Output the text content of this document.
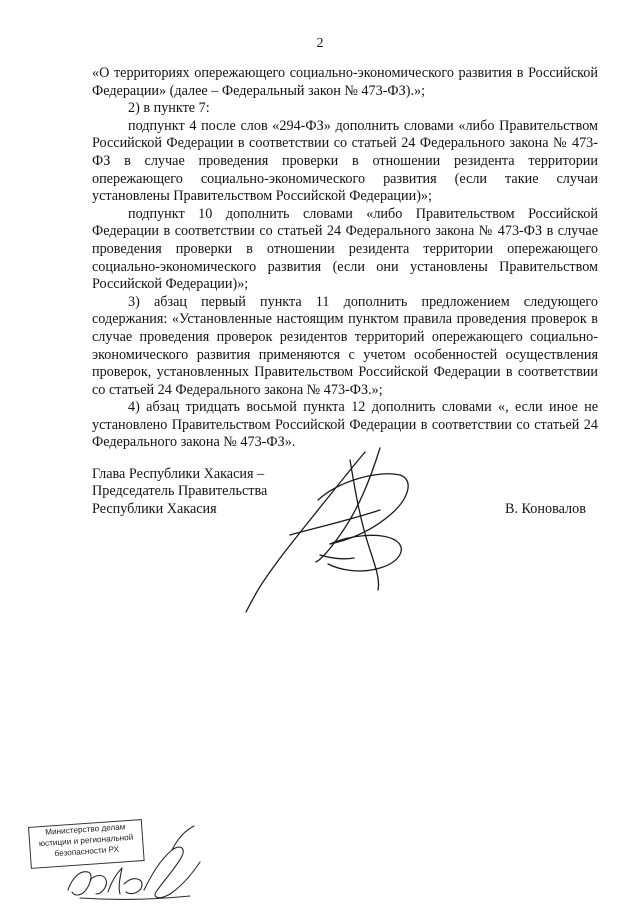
2

«О территориях опережающего социально-экономического развития в Российской Федерации» (далее – Федеральный закон № 473-ФЗ).»;

2) в пункте 7:

подпункт 4 после слов «294-ФЗ» дополнить словами «либо Правительством Российской Федерации в соответствии со статьей 24 Федерального закона № 473-ФЗ в случае проведения проверки в отношении резидента территории опережающего социально-экономического развития (если такие случаи установлены Правительством Российской Федерации)»;

подпункт 10 дополнить словами «либо Правительством Российской Федерации в соответствии со статьей 24 Федерального закона № 473-ФЗ в случае проведения проверки в отношении резидента территории опережающего социально-экономического развития (если они установлены Правительством Российской Федерации)»;

3) абзац первый пункта 11 дополнить предложением следующего содержания: «Установленные настоящим пунктом правила проведения проверок в случае проведения проверок резидентов территорий опережающего социально-экономического развития применяются с учетом особенностей осуществления проверок, установленных Правительством Российской Федерации в соответствии со статьей 24 Федерального закона № 473-ФЗ.»;

4) абзац тридцать восьмой пункта 12 дополнить словами «, если иное не установлено Правительством Российской Федерации в соответствии со статьей 24 Федерального закона № 473-ФЗ».

Глава Республики Хакасия –
Председатель Правительства
Республики Хакасия	В. Коновалов
Министерство делам
юстиции и региональной
безопасности РХ
